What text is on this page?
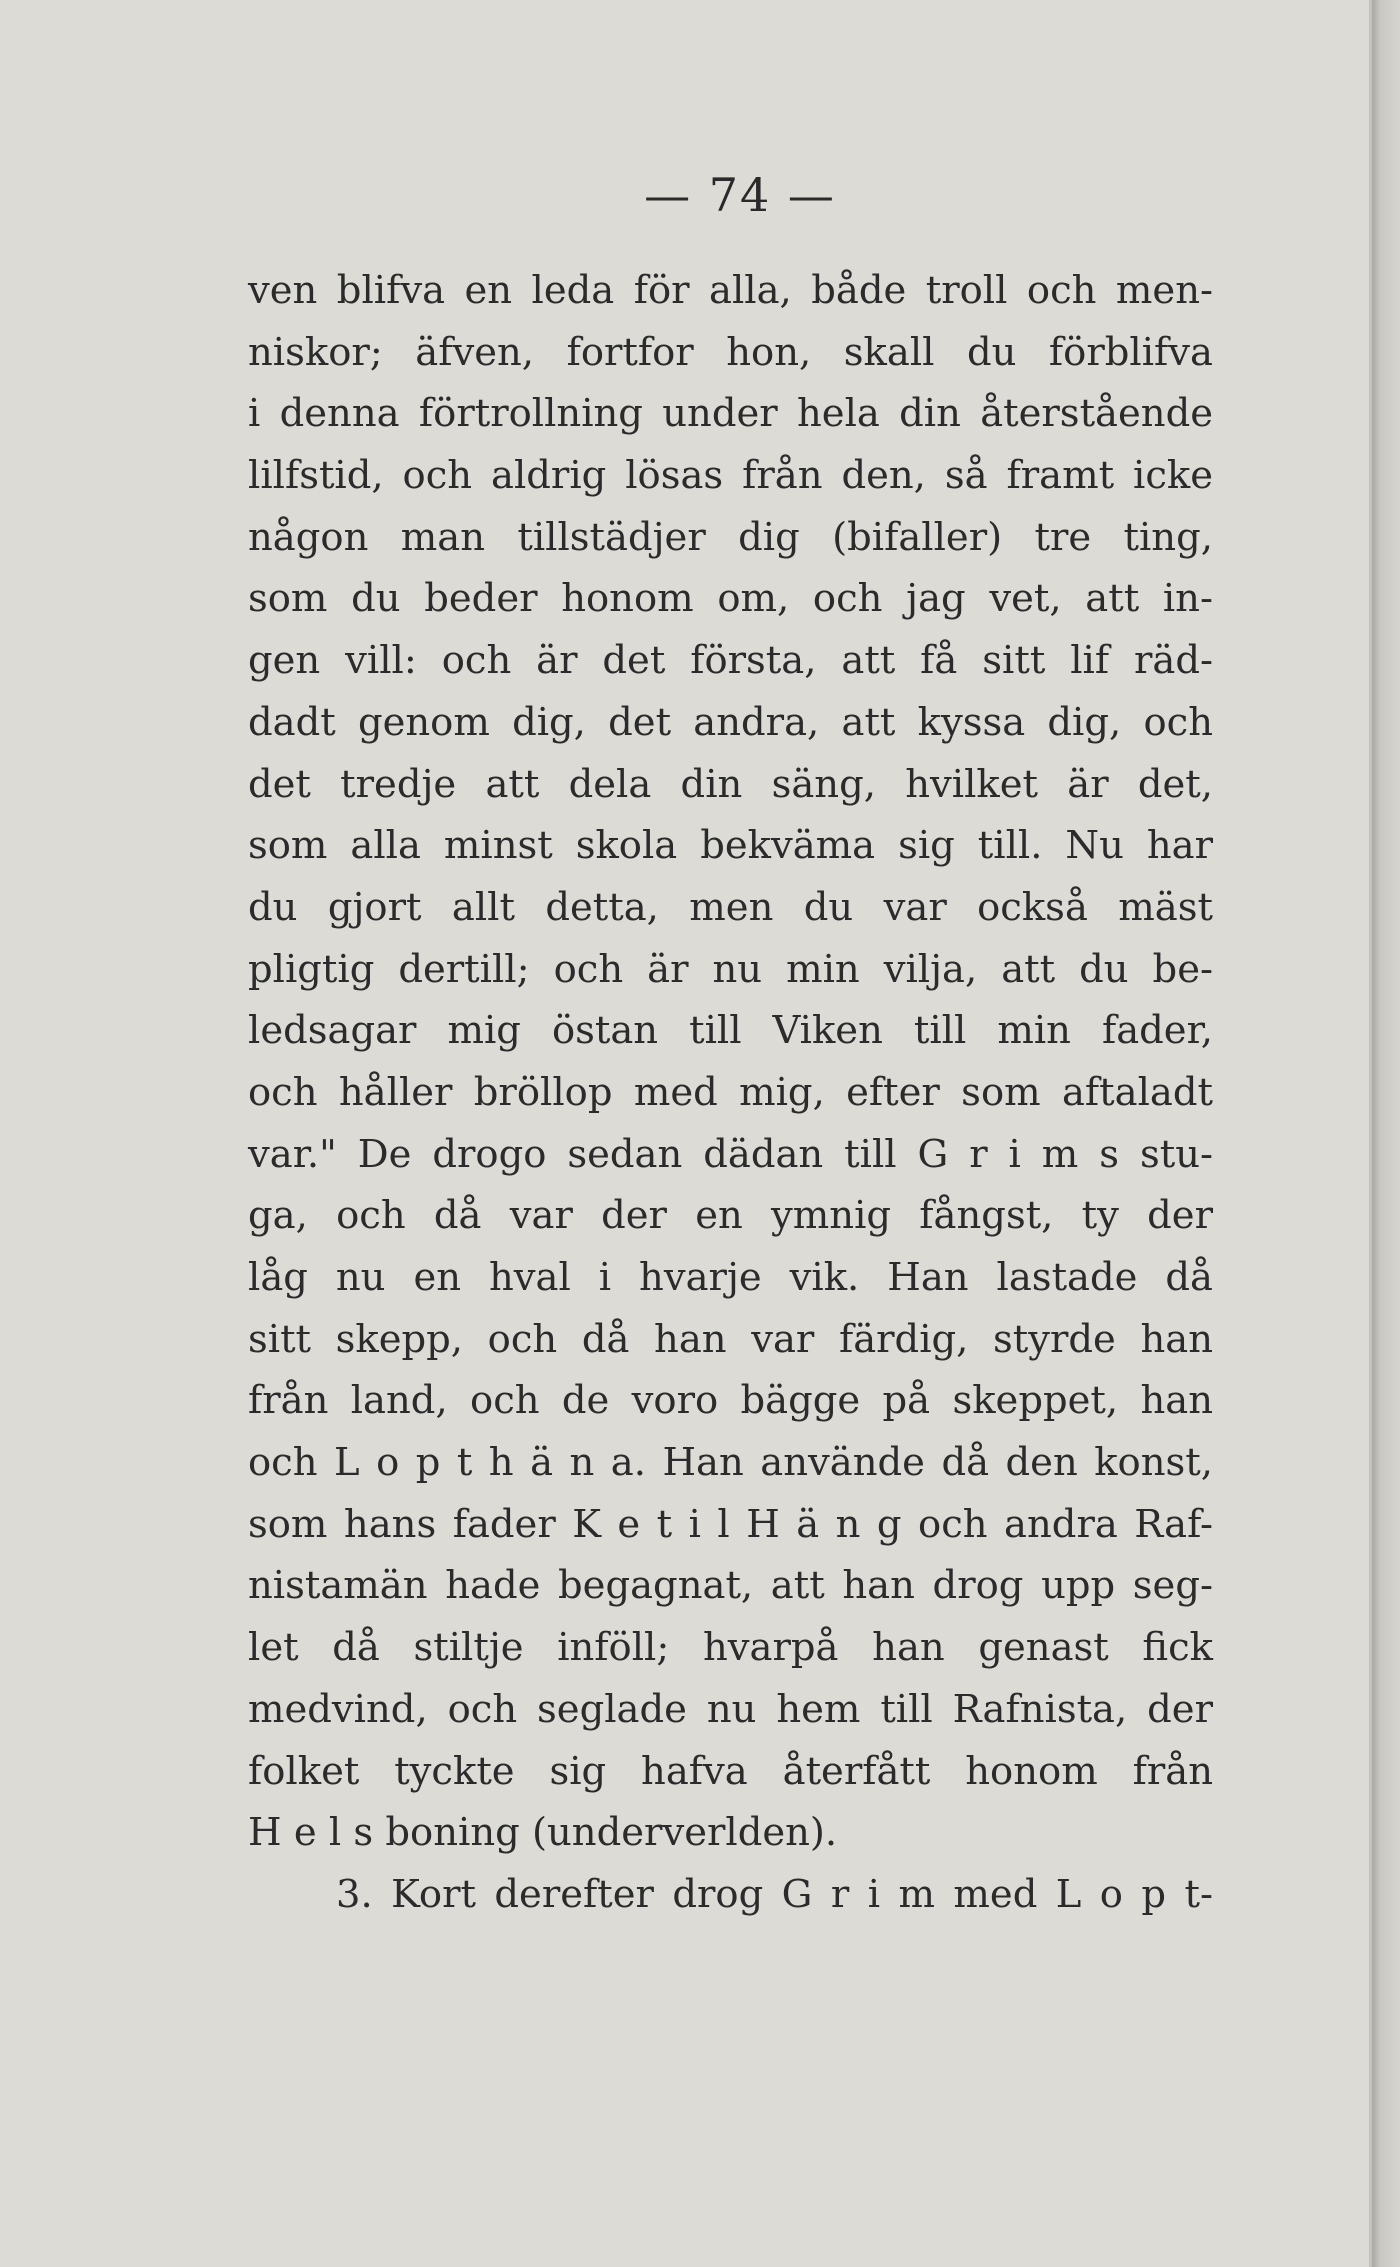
— 74 —
ven blifva en leda för alla, både troll och men-
niskor; äfven, fortfor hon, skall du förblifva
i denna förtrollning under hela din återstående
lilfstid, och aldrig lösas från den, så framt icke
någon man tillstädjer dig (bifaller) tre ting,
som du beder honom om, och jag vet, att in-
gen vill: och är det första, att få sitt lif räd-
dadt genom dig, det andra, att kyssa dig, och
det tredje att dela din säng, hvilket är det,
som alla minst skola bekväma sig till. Nu har
du gjort allt detta, men du var också mäst
pligtig dertill; och är nu min vilja, att du be-
ledsagar mig östan till Viken till min fader,
och håller bröllop med mig, efter som aftaladt
var." De drogo sedan dädan till G r i m s stu-
ga, och då var der en ymnig fångst, ty der
låg nu en hval i hvarje vik. Han lastade då
sitt skepp, och då han var färdig, styrde han
från land, och de voro bägge på skeppet, han
och L o p t h ä n a. Han använde då den konst,
som hans fader K e t i l H ä n g och andra Raf-
nistamän hade begagnat, att han drog upp seg-
let då stiltje inföll; hvarpå han genast fick
medvind, och seglade nu hem till Rafnista, der
folket tyckte sig hafva återfått honom från
H e l s boning (underverlden).
3. Kort derefter drog G r i m med L o p t-
